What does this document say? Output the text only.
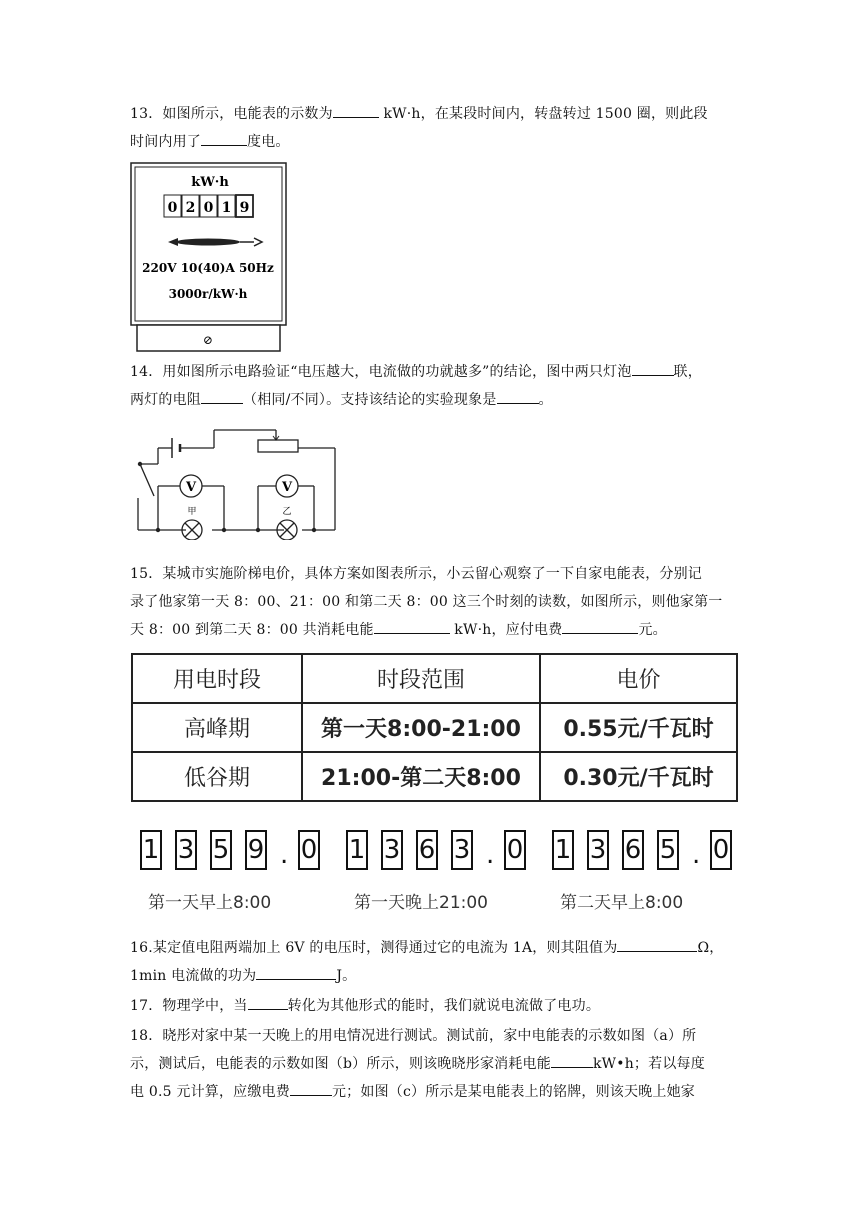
13．如图所示，电能表的示数为	kW·h，在某段时间内，转盘转过 1500 圈，则此段
时间内用了	度电。
kW·h
0 2 0 1 9
220V 10(40)A 50Hz
3000r/kW·h
⊘
14．用如图所示电路验证“电压越大，电流做的功就越多”的结论，图中两只灯泡	联，
两灯的电阻	（相同/不同）。支持该结论的实验现象是	。
V	V
甲	乙
15．某城市实施阶梯电价，具体方案如图表所示，小云留心观察了一下自家电能表，分别记
录了他家第一天 8：00、21：00 和第二天 8：00 这三个时刻的读数，如图所示，则他家第一
天 8：00 到第二天 8：00 共消耗电能	kW·h，应付电费	元。
用电时段	时段范围	电价
高峰期	第一天8:00-21:00	0.55元/千瓦时
低谷期	21:00-第二天8:00	0.30元/千瓦时
1 3 5 9 . 0
第一天早上8:00
1 3 6 3 . 0
第一天晚上21:00
1 3 6 5 . 0
第二天早上8:00
16.某定值电阻两端加上 6V 的电压时，测得通过它的电流为 1A，则其阻值为	Ω，
1min 电流做的功为	J。
17．物理学中，当	转化为其他形式的能时，我们就说电流做了电功。
18．晓彤对家中某一天晚上的用电情况进行测试。测试前，家中电能表的示数如图（a）所
示，测试后，电能表的示数如图（b）所示，则该晚晓彤家消耗电能	kW•h；若以每度
电 0.5 元计算，应缴电费	元；如图（c）所示是某电能表上的铭牌，则该天晚上她家
